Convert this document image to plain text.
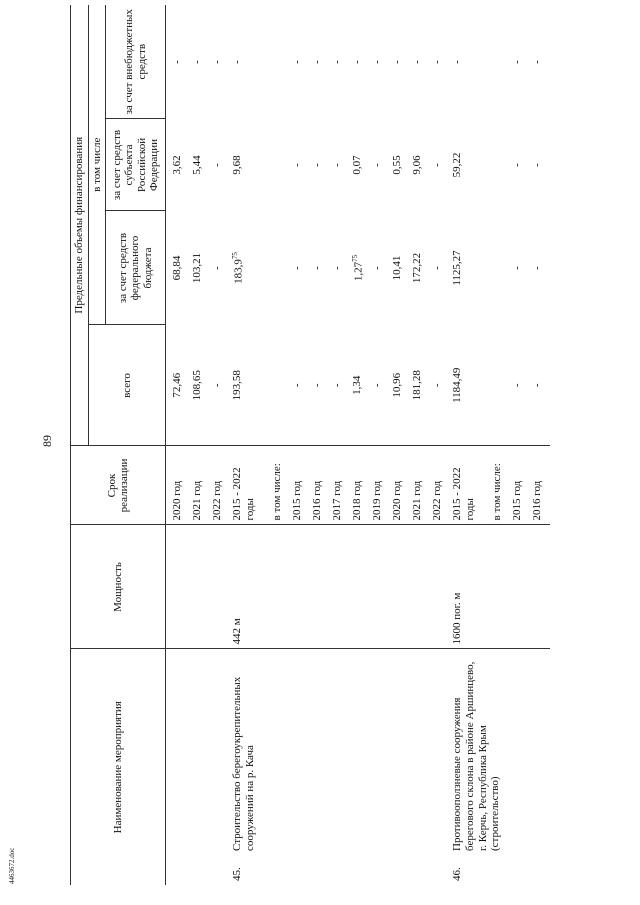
89
4463672.doc
Наименование мероприятия		Мощность	Срок реализации	Предельные объемы финансирования			
				всего	в том числе		
					за счет средств федерального бюджета	за счет средств субъекта Российской Федерации	за счет внебюджетных средств
			2020 год	72,46	68,84	3,62	-
			2021 год	108,65	103,21	5,44	-
			2022 год	-	-	-	-
45.	Строительство берегоукрепительных сооружений на р. Кача	442 м	2015 - 2022 годы	193,58	183,9$^{75}$	9,68	-

			в том числе:				
			2015 год	-	-	-	-
			2016 год	-	-	-	-
			2017 год	-	-	-	-
			2018 год	1,34	1,27$^{75}$	0,07	-
			2019 год	-	-	-	-
			2020 год	10,96	10,41	0,55	-
			2021 год	181,28	172,22	9,06	-
			2022 год	-	-	-	-
46.	Противооползневые сооружения берегового склона в районе Аршинцево, г. Керчь, Республика Крым (строительство)	1600 пог. м	2015 - 2022 годы	1184,49	1125,27	59,22	-

			в том числе:				
			2015 год	-	-	-	-
			2016 год	-	-	-	-
